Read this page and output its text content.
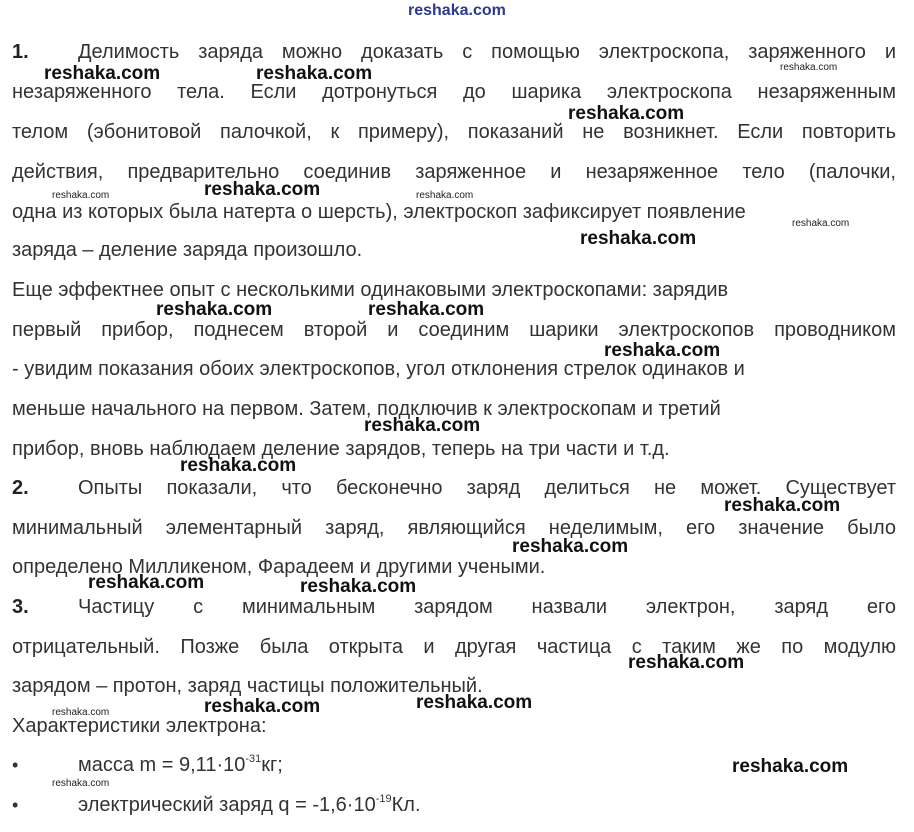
reshaka.com
1. Делимость заряда можно доказать с помощью электроскопа, заряженного и
незаряженного тела. Если дотронуться до шарика электроскопа незаряженным
телом (эбонитовой палочкой, к примеру), показаний не возникнет. Если повторить
действия, предварительно соединив заряженное и незаряженное тело (палочки,
одна из которых была натерта о шерсть), электроскоп зафиксирует появление
заряда – деление заряда произошло.
Еще эффектнее опыт с несколькими одинаковыми электроскопами: зарядив
первый прибор, поднесем второй и соединим шарики электроскопов проводником
- увидим показания обоих электроскопов, угол отклонения стрелок одинаков и
меньше начального на первом. Затем, подключив к электроскопам и третий
прибор, вновь наблюдаем деление зарядов, теперь на три части и т.д.
2. Опыты показали, что бесконечно заряд делиться не может. Существует
минимальный элементарный заряд, являющийся неделимым, его значение было
определено Милликеном, Фарадеем и другими учеными.
3. Частицу с минимальным зарядом назвали электрон, заряд его
отрицательный. Позже была открыта и другая частица с таким же по модулю
зарядом – протон, заряд частицы положительный.
Характеристики электрона:
•	масса $m = 9,11\cdot 10^{-31}кг$;
•	электрический заряд $q = -1,6\cdot 10^{-19}Кл$.
reshaka.com	reshaka.com
reshaka.com
reshaka.com
reshaka.com
reshaka.com	reshaka.com
reshaka.com
reshaka.com
reshaka.com
reshaka.com
reshaka.com
reshaka.com	reshaka.com
reshaka.com
reshaka.com	reshaka.com
reshaka.com
reshaka.com
reshaka.com	reshaka.com
reshaka.com
reshaka.com
reshaka.com
